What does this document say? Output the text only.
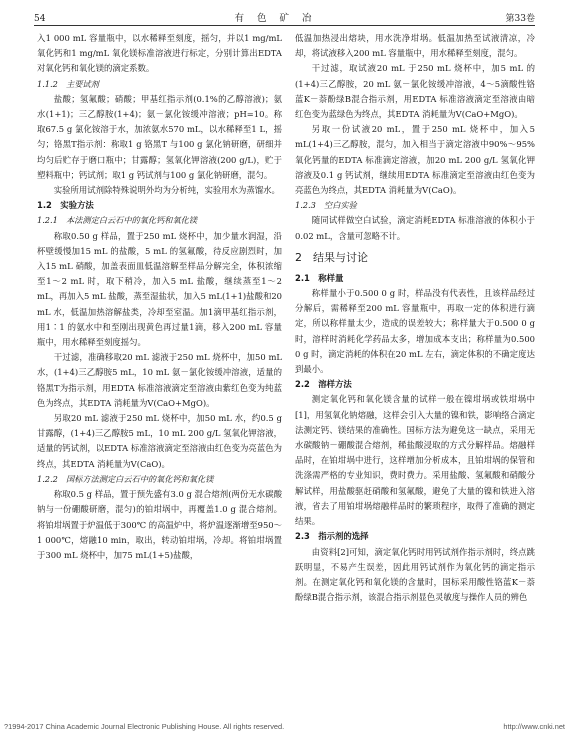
54	有 色 矿 冶	第33卷

入1 000 mL 容量瓶中，以水稀释至刻度，摇匀，并以1 mg/mL 氧化钙和1 mg/mL 氧化镁标准溶液进行标定，分别计算出EDTA 对氧化钙和氧化镁的滴定系数。

1.1.2　主要试剂

盐酸；氢氟酸；硝酸；甲基红指示剂(0.1%的乙醇溶液)；氨水(1+1)；三乙醇胺(1+4)；氨－氯化铵缓冲溶液；pH=10。称取67.5 g 氯化铵溶于水，加浓氨水570 mL，以水稀释至1 L，摇匀；铬黑T指示剂：称取1 g 铬黑T 与100 g 氯化钠研磨，研细并均匀后贮存于磨口瓶中；甘露醇；氢氧化钾溶液(200 g/L)，贮于塑料瓶中；钙试剂；取1 g 钙试剂与100 g 氯化钠研磨，混匀。

实验所用试剂除特殊说明外均为分析纯，实验用水为蒸馏水。

1.2　实验方法
1.2.1　本法测定白云石中的氧化钙和氧化镁

称取0.50 g 样品，置于250 mL 烧杯中，加少量水润湿，沿杯壁缓慢加15 mL 的盐酸，5 mL 的氢氟酸，待反应剧烈时，加入15 mL 硝酸，加盖表面皿低温溶解至样品分解完全，体积浓缩至1～2 mL 时，取下稍冷，加入5 mL 盐酸，继续蒸至1～2 mL，再加入5 mL 盐酸，蒸至湿盐状，加入5 mL(1+1)盐酸和20 mL 水，低温加热溶解盐类，冷却至室温。加1滴甲基红指示剂，用1∶1 的氨水中和至刚出现黄色再过量1滴，移入200 mL 容量瓶中，用水稀释至刻度摇匀。

干过滤，准确移取20 mL 滤液于250 mL 烧杯中，加50 mL 水，(1+4)三乙醇胺5 mL，10 mL 氨－氯化铵缓冲溶液，适量的铬黑T为指示剂，用EDTA 标准溶液滴定至溶液由紫红色变为纯蓝色为终点，其EDTA 消耗量为V(CaO+MgO)。

另取20 mL 滤液于250 mL 烧杯中，加50 mL 水，约0.5 g 甘露醇，(1+4)三乙醇胺5 mL，10 mL 200 g/L 氢氧化钾溶液，适量的钙试剂，以EDTA 标准溶液滴定至溶液由红色变为亮蓝色为终点，其EDTA 消耗量为V(CaO)。

1.2.2　国标方法测定白云石中的氧化钙和氧化镁

称取0.5 g 样品，置于预先盛有3.0 g 混合熔剂(两份无水碳酸钠与一份硼酸研磨，混匀)的铂坩埚中，再覆盖1.0 g 混合熔剂。将铂坩埚置于炉温低于300℃ 的高温炉中，将炉温逐渐增至950～1 000℃，熔融10 min，取出，转动铂坩埚，冷却。将铂坩埚置于300 mL 烧杯中，加75 mL(1+5)盐酸，

低温加热浸出熔块，用水洗净坩埚。低温加热至试液清凉，冷却，将试液移入200 mL 容量瓶中，用水稀释至刻度，混匀。

干过滤，取试液20 mL 于250 mL 烧杯中，加5 mL 的(1+4)三乙醇胺，20 mL 氨－氯化铵缓冲溶液，4～5滴酸性铬蓝K－萘酚绿B混合指示剂，用EDTA 标准溶液滴定至溶液由暗红色变为蓝绿色为终点，其EDTA 消耗量为V(CaO+MgO)。

另取一份试液20 mL，置于250 mL 烧杯中，加入5 mL(1+4)三乙醇胺，混匀，加入相当于滴定溶液中90%～95%氧化钙量的EDTA 标准滴定溶液，加20 mL 200 g/L 氢氧化钾溶液及0.1 g 钙试剂，继续用EDTA 标准滴定至溶液由红色变为亮蓝色为终点，其EDTA 消耗量为V(CaO)。

1.2.3　空白实验

随同试样做空白试验，滴定消耗EDTA 标准溶液的体积小于0.02 mL，含量可忽略不计。

2　结果与讨论
2.1　称样量

称样量小于0.500 0 g 时，样品没有代表性，且该样品经过分解后，需稀释至200 mL 容量瓶中，再取一定的体积进行滴定，所以称样量太少，造成的误差较大；称样量大于0.500 0 g 时，溶样时消耗化学药品太多，增加成本支出；称样量为0.500 0 g 时，滴定消耗的体积在20 mL 左右，滴定体积的不确定度达到最小。

2.2　溶样方法

测定氧化钙和氧化镁含量的试样一般在镍坩埚或铁坩埚中[1]，用氢氧化钠熔融，这样会引入大量的镍和铁，影响络合滴定法测定钙、镁结果的准确性。国标方法为避免这一缺点，采用无水碳酸钠－硼酸混合熔剂，稀盐酸浸取的方式分解样品。熔融样品时，在铂坩埚中进行，这样增加分析成本，且铂坩埚的保管和洗涤需严格的专业知识，费时费力。采用盐酸、氢氟酸和硝酸分解试样，用盐酸驱赶硝酸和氢氟酸，避免了大量的镍和铁进入溶液，省去了用铂坩埚熔融样品时的繁琐程序，取得了准确的测定结果。

2.3　指示剂的选择

由资料[2]可知，滴定氧化钙时用钙试剂作指示剂时，终点跳跃明显，不易产生误差，因此用钙试剂作为氧化钙的滴定指示剂。在测定氧化钙和氧化镁的含量时，国标采用酸性铬蓝K－萘酚绿B混合指示剂，该混合指示剂显色灵敏度与操作人员的辨色

?1994-2017 China Academic Journal Electronic Publishing House. All rights reserved.	http://www.cnki.net
